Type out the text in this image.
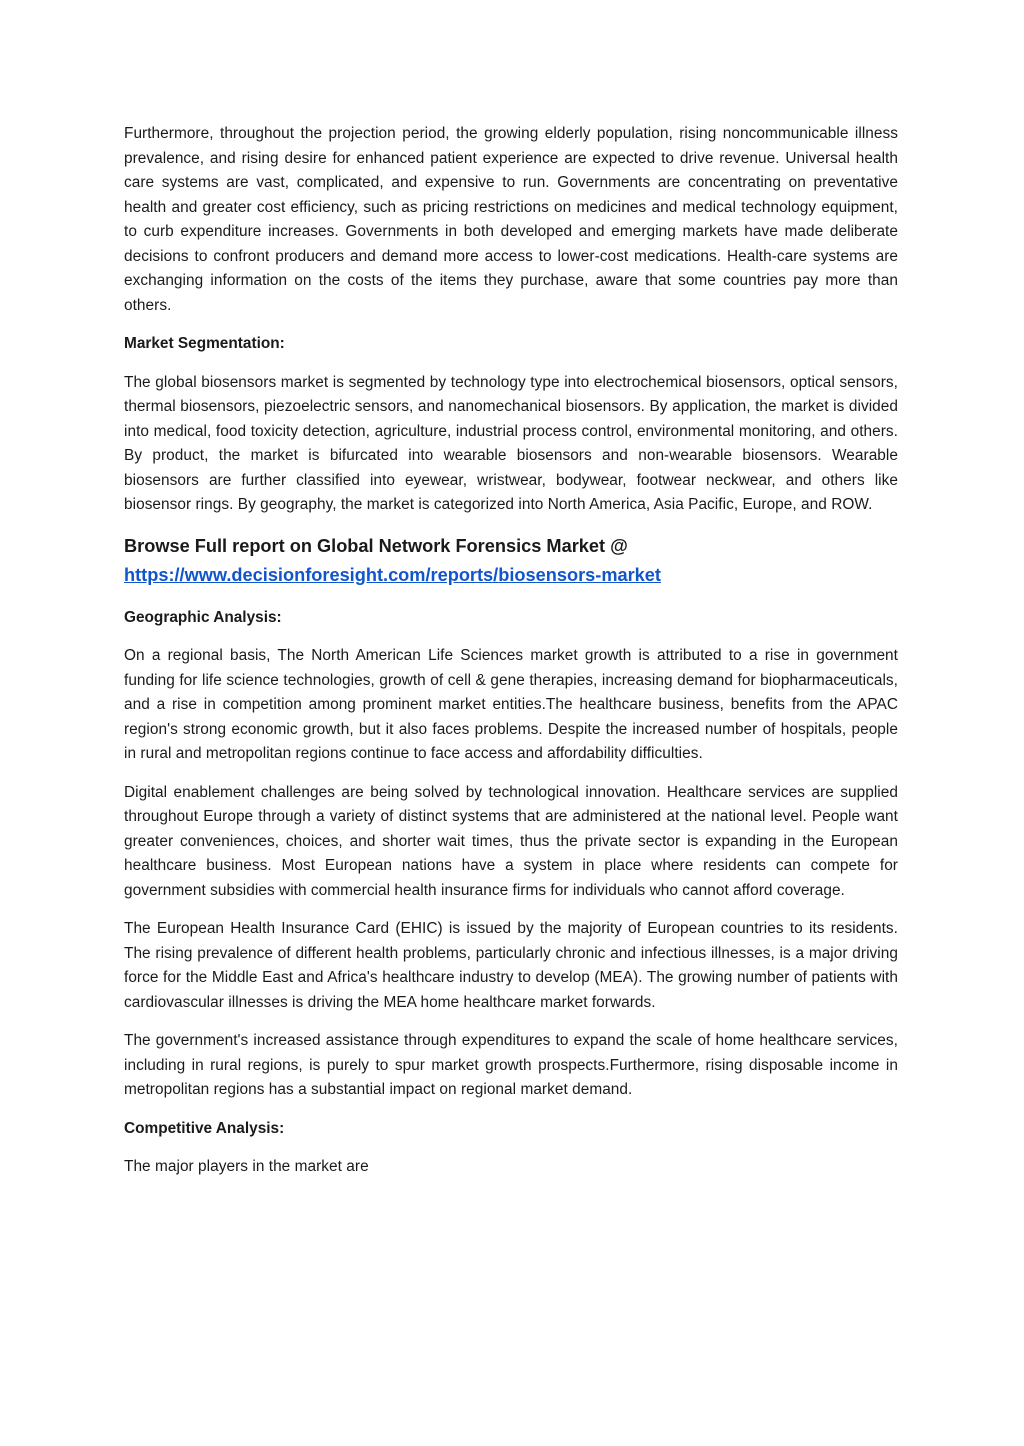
Furthermore, throughout the projection period, the growing elderly population, rising noncommunicable illness prevalence, and rising desire for enhanced patient experience are expected to drive revenue. Universal health care systems are vast, complicated, and expensive to run. Governments are concentrating on preventative health and greater cost efficiency, such as pricing restrictions on medicines and medical technology equipment, to curb expenditure increases. Governments in both developed and emerging markets have made deliberate decisions to confront producers and demand more access to lower-cost medications. Health-care systems are exchanging information on the costs of the items they purchase, aware that some countries pay more than others.

Market Segmentation:

The global biosensors market is segmented by technology type into electrochemical biosensors, optical sensors, thermal biosensors, piezoelectric sensors, and nanomechanical biosensors. By application, the market is divided into medical, food toxicity detection, agriculture, industrial process control, environmental monitoring, and others. By product, the market is bifurcated into wearable biosensors and non-wearable biosensors. Wearable biosensors are further classified into eyewear, wristwear, bodywear, footwear neckwear, and others like biosensor rings. By geography, the market is categorized into North America, Asia Pacific, Europe, and ROW.

Browse Full report on Global Network Forensics Market @
https://www.decisionforesight.com/reports/biosensors-market

Geographic Analysis:

On a regional basis, The North American Life Sciences market growth is attributed to a rise in government funding for life science technologies, growth of cell & gene therapies, increasing demand for biopharmaceuticals, and a rise in competition among prominent market entities.The healthcare business, benefits from the APAC region's strong economic growth, but it also faces problems. Despite the increased number of hospitals, people in rural and metropolitan regions continue to face access and affordability difficulties.

Digital enablement challenges are being solved by technological innovation. Healthcare services are supplied throughout Europe through a variety of distinct systems that are administered at the national level. People want greater conveniences, choices, and shorter wait times, thus the private sector is expanding in the European healthcare business. Most European nations have a system in place where residents can compete for government subsidies with commercial health insurance firms for individuals who cannot afford coverage.

The European Health Insurance Card (EHIC) is issued by the majority of European countries to its residents. The rising prevalence of different health problems, particularly chronic and infectious illnesses, is a major driving force for the Middle East and Africa's healthcare industry to develop (MEA). The growing number of patients with cardiovascular illnesses is driving the MEA home healthcare market forwards.

The government's increased assistance through expenditures to expand the scale of home healthcare services, including in rural regions, is purely to spur market growth prospects.Furthermore, rising disposable income in metropolitan regions has a substantial impact on regional market demand.

Competitive Analysis:

The major players in the market are
